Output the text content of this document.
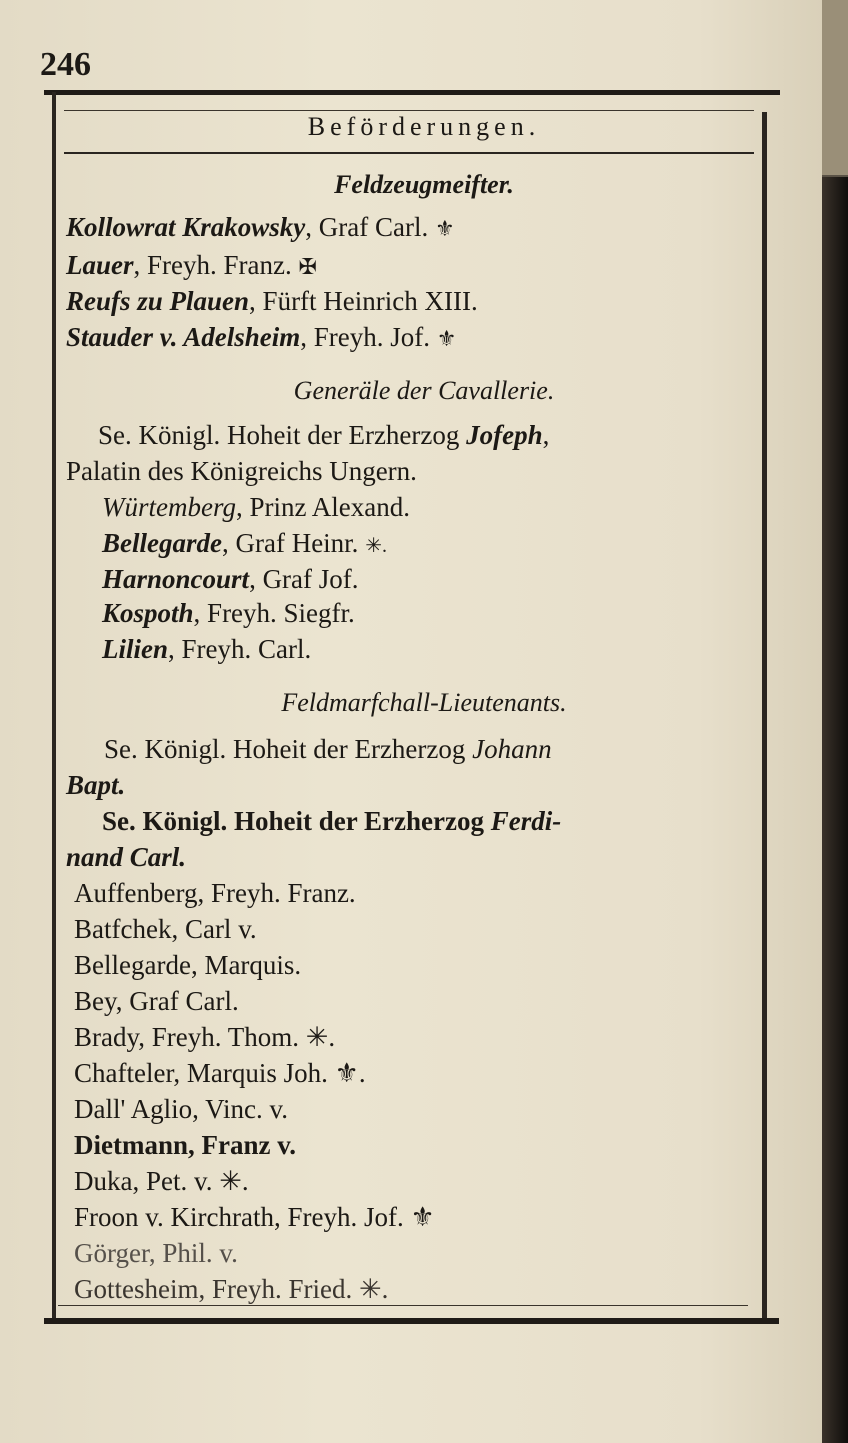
246
Beförderungen.
Feldzeugmeifter.
Kollowrat Krakowsky, Graf Carl. ⚜
Lauer, Freyh. Franz. ✠
Reufs zu Plauen, Fürft Heinrich XIII.
Stauder v. Adelsheim, Freyh. Jof. ⚜
Generäle der Cavallerie.
Se. Königl. Hoheit der Erzherzog Jofeph,
Palatin des Königreichs Ungern.
Würtemberg, Prinz Alexand.
Bellegarde, Graf Heinr. ✳.
Harnoncourt, Graf Jof.
Kospoth, Freyh. Siegfr.
Lilien, Freyh. Carl.
Feldmarfchall-Lieutenants.
Se. Königl. Hoheit der Erzherzog Johann
Bapt.
Se. Königl. Hoheit der Erzherzog Ferdi-
nand Carl.
Auffenberg, Freyh. Franz.
Batfchek, Carl v.
Bellegarde, Marquis.
Bey, Graf Carl.
Brady, Freyh. Thom. ✳.
Chafteler, Marquis Joh. ⚜.
Dall' Aglio, Vinc. v.
Dietmann, Franz v.
Duka, Pet. v. ✳.
Froon v. Kirchrath, Freyh. Jof. ⚜
Görger, Phil. v.
Gottesheim, Freyh. Fried. ✳.
